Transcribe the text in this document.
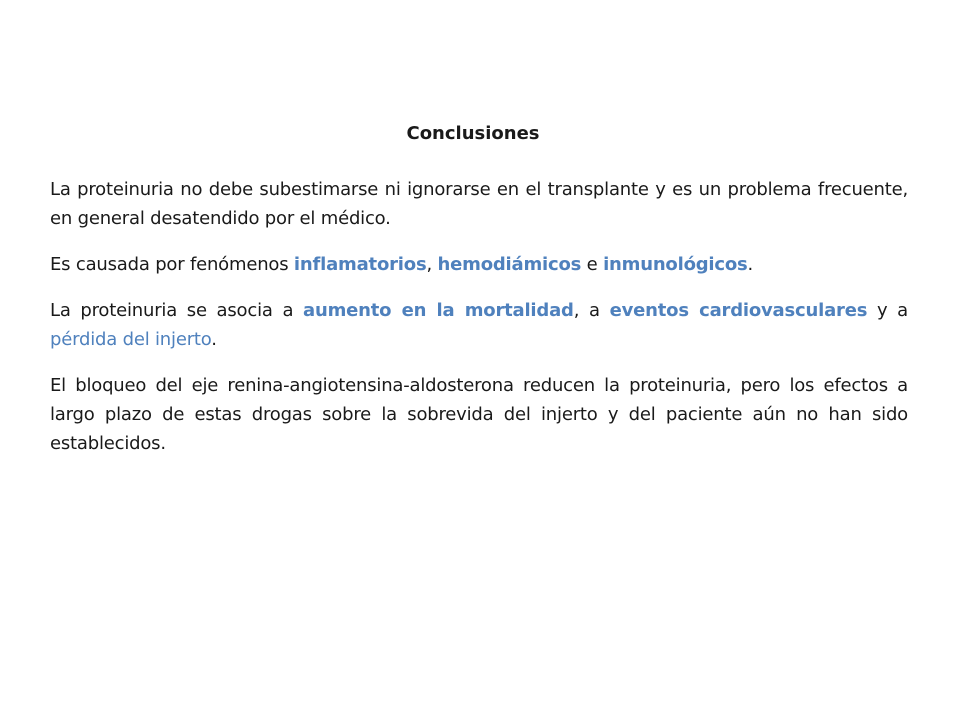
Conclusiones

La proteinuria no debe subestimarse ni ignorarse en el transplante y es un problema frecuente, en general desatendido por el médico.

Es causada por fenómenos inflamatorios, hemodiámicos e inmunológicos.

La proteinuria se asocia a aumento en la mortalidad, a eventos cardiovasculares y a pérdida del injerto.

El bloqueo del eje renina-angiotensina-aldosterona reducen la proteinuria, pero los efectos a largo plazo de estas drogas sobre la sobrevida del injerto y del paciente aún no han sido establecidos.
